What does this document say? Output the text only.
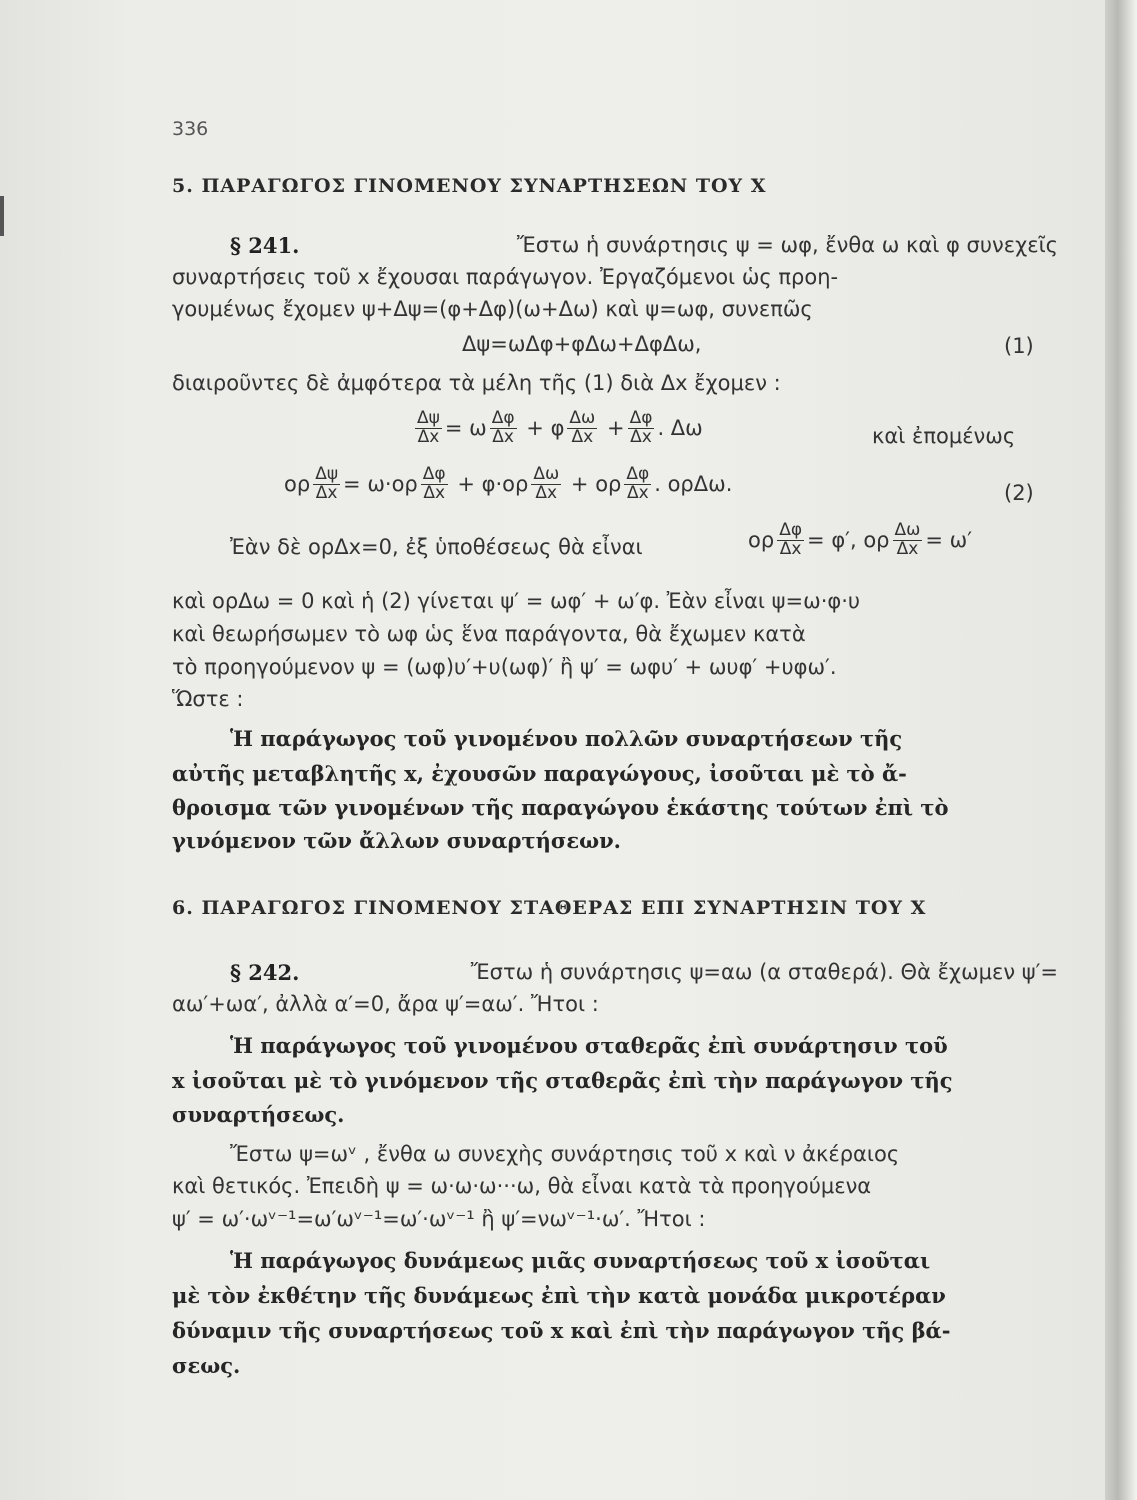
336
5. ΠΑΡΑΓΩΓΟΣ ΓΙΝΟΜΕΝΟΥ ΣΥΝΑΡΤΗΣΕΩΝ ΤΟΥ Χ
§ 241.	Ἔστω ἡ συνάρτησις ψ = ωφ, ἔνθα ω καὶ φ συνεχεῖς
συναρτήσεις τοῦ x ἔχουσαι παράγωγον. Ἐργαζόμενοι ὡς προη-
γουμένως ἔχομεν ψ+Δψ=(φ+Δφ)(ω+Δω) καὶ ψ=ωφ, συνεπῶς
Δψ=ωΔφ+φΔω+ΔφΔω,	(1)
διαιροῦντες δὲ ἀμφότερα τὰ μέλη τῆς (1) διὰ Δx ἔχομεν :
$\frac{\Delta\psi}{\Delta x}$ =
ω $\frac{\Delta\varphi}{\Delta x}$
+
φ $\frac{\Delta\omega}{\Delta x}$
+ $\frac{\Delta\varphi}{\Delta x}$ . Δω	καὶ ἐπομένως
ορ $\frac{\Delta\psi}{\Delta x}$ =
$\omega\cdot o\rho \frac{\Delta\varphi}{\Delta x}$
+
$\varphi\cdot o\rho \frac{\Delta\omega}{\Delta x}$
+
ορ $\frac{\Delta\varphi}{\Delta x}$ . ορΔω.	(2)
Ἐὰν δὲ ορΔx=0, ἐξ ὑποθέσεως θὰ εἶναι	ορ $\frac{\Delta\varphi}{\Delta x}$ =
φ′,
ορ $\frac{\Delta\omega}{\Delta x}$ =
ω′
καὶ ορΔω = 0 καὶ ἡ (2) γίνεται ψ′ = ωφ′ + ω′φ. Ἐὰν εἶναι ψ=ω·φ·υ
καὶ θεωρήσωμεν τὸ ωφ ὡς ἕνα παράγοντα, θὰ ἔχωμεν κατὰ
τὸ προηγούμενον ψ = (ωφ)υ′+υ(ωφ)′ ἢ ψ′ = ωφυ′ + ωυφ′ +υφω′.
Ὥστε :
Ἡ παράγωγος τοῦ γινομένου πολλῶν συναρτήσεων τῆς
αὐτῆς μεταβλητῆς x, ἐχουσῶν παραγώγους, ἰσοῦται μὲ τὸ ἄ-
θροισμα τῶν γινομένων τῆς παραγώγου ἑκάστης τούτων ἐπὶ τὸ
γινόμενον τῶν ἄλλων συναρτήσεων.
6. ΠΑΡΑΓΩΓΟΣ ΓΙΝΟΜΕΝΟΥ ΣΤΑΘΕΡΑΣ ΕΠΙ ΣΥΝΑΡΤΗΣΙΝ ΤΟΥ Χ
§ 242.	Ἔστω ἡ συνάρτησις ψ=αω (α σταθερά). Θὰ ἔχωμεν ψ′=
αω′+ωα′, ἀλλὰ α′=0, ἄρα ψ′=αω′. Ἤτοι :
Ἡ παράγωγος τοῦ γινομένου σταθερᾶς ἐπὶ συνάρτησιν τοῦ
x ἰσοῦται μὲ τὸ γινόμενον τῆς σταθερᾶς ἐπὶ τὴν παράγωγον τῆς
συναρτήσεως.
Ἔστω ψ=ωᵛ , ἔνθα ω συνεχὴς συνάρτησις τοῦ x καὶ ν ἀκέραιος
καὶ θετικός. Ἐπειδὴ ψ = ω·ω·ω···ω, θὰ εἶναι κατὰ τὰ προηγούμενα
ψ′ = ω′·ωᵛ⁻¹=ω′ωᵛ⁻¹=ω′·ωᵛ⁻¹ ἢ ψ′=νωᵛ⁻¹·ω′. Ἤτοι :
Ἡ παράγωγος δυνάμεως μιᾶς συναρτήσεως τοῦ x ἰσοῦται
μὲ τὸν ἐκθέτην τῆς δυνάμεως ἐπὶ τὴν κατὰ μονάδα μικροτέραν
δύναμιν τῆς συναρτήσεως τοῦ x καὶ ἐπὶ τὴν παράγωγον τῆς βά-
σεως.
